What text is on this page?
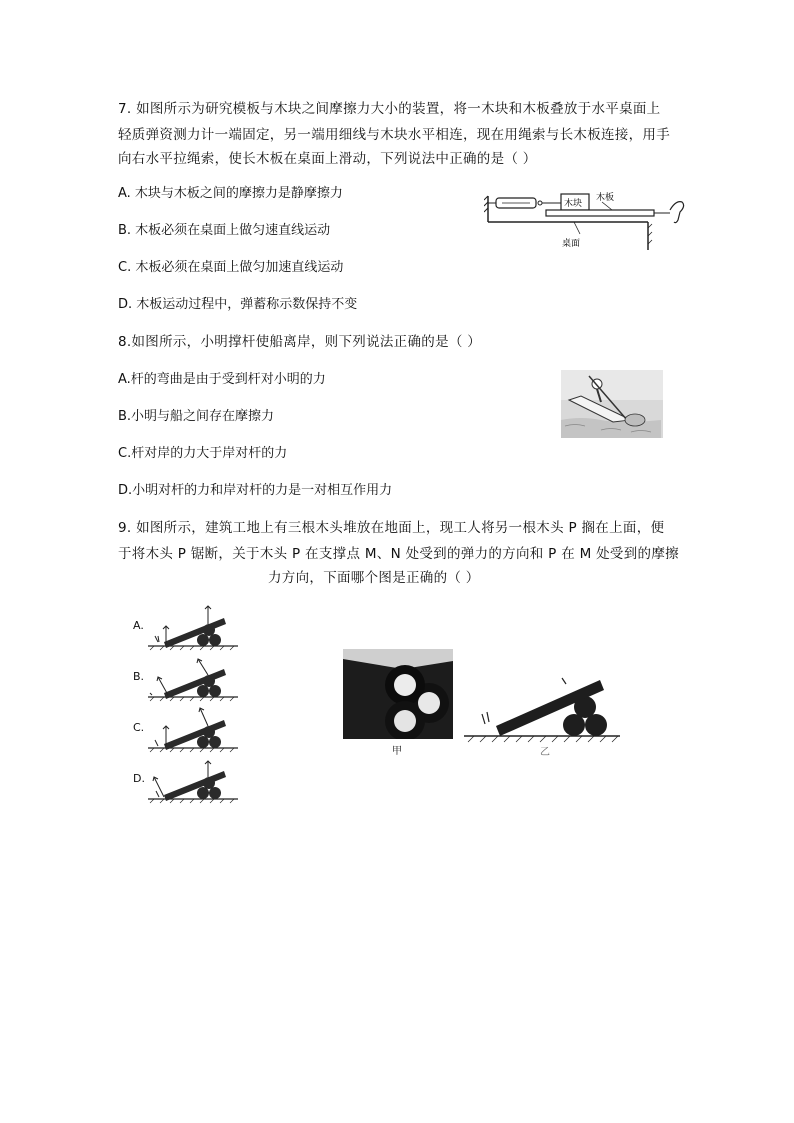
7. 如图所示为研究模板与木块之间摩擦力大小的装置，将一木块和木板叠放于水平桌面上
轻质弹资测力计一端固定，另一端用细线与木块水平相连，现在用绳索与长木板连接，用手
向右水平拉绳索，使长木板在桌面上滑动，下列说法中正确的是（ ）
A. 木块与木板之间的摩擦力是静摩擦力
B. 木板必须在桌面上做匀速直线运动
C. 木板必须在桌面上做匀加速直线运动
D. 木板运动过程中，弹蓄称示数保持不变
木块
木板
桌面
8.如图所示，小明撑杆使船离岸，则下列说法正确的是（ ）
A.杆的弯曲是由于受到杆对小明的力
B.小明与船之间存在摩擦力
C.杆对岸的力大于岸对杆的力
D.小明对杆的力和岸对杆的力是一对相互作用力
9. 如图所示，建筑工地上有三根木头堆放在地面上，现工人将另一根木头 P 搁在上面，便
于将木头 P 锯断，关于木头 P 在支撑点 M、N 处受到的弹力的方向和 P 在 M 处受到的摩擦
力方向，下面哪个图是正确的（ ）
A.
B.
C.
D.
甲	乙
